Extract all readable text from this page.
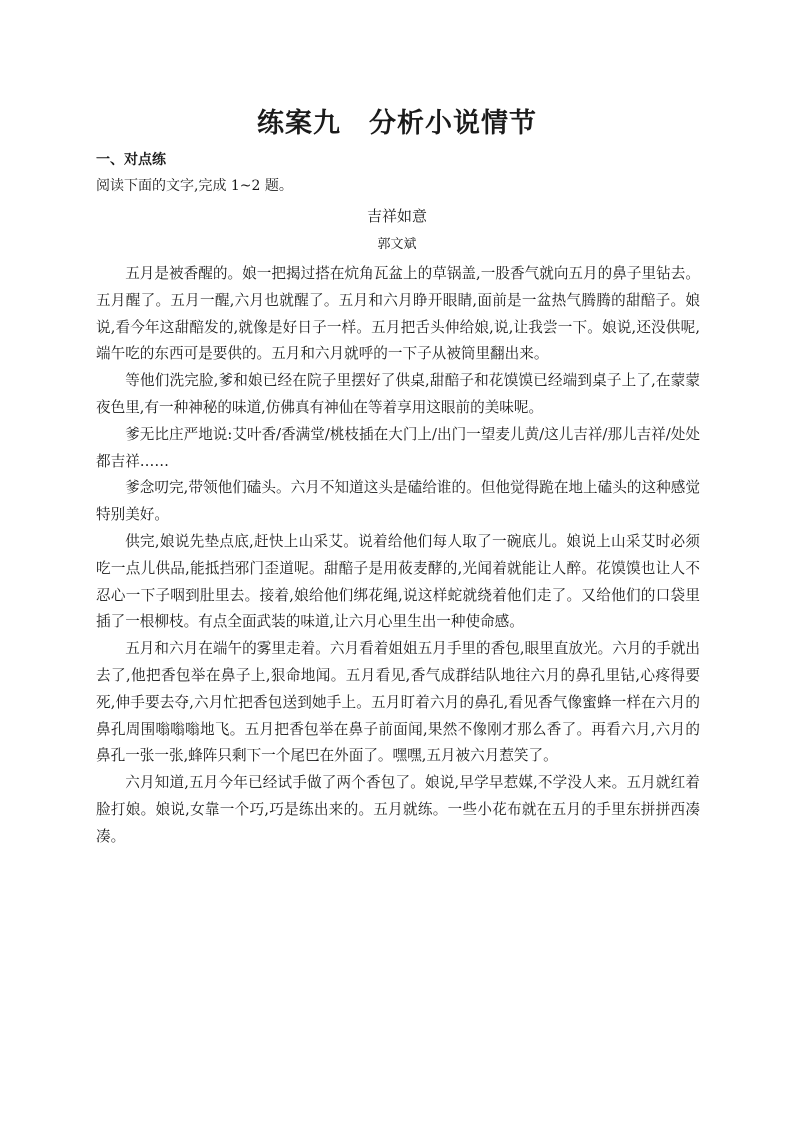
练案九　分析小说情节
一、对点练
阅读下面的文字,完成 1~2 题。
吉祥如意
郭文斌

五月是被香醒的。娘一把揭过搭在炕角瓦盆上的草锅盖,一股香气就向五月的鼻子里钻去。五月醒了。五月一醒,六月也就醒了。五月和六月睁开眼睛,面前是一盆热气腾腾的甜醅子。娘说,看今年这甜醅发的,就像是好日子一样。五月把舌头伸给娘,说,让我尝一下。娘说,还没供呢,端午吃的东西可是要供的。五月和六月就呼的一下子从被筒里翻出来。

等他们洗完脸,爹和娘已经在院子里摆好了供桌,甜醅子和花馍馍已经端到桌子上了,在蒙蒙夜色里,有一种神秘的味道,仿佛真有神仙在等着享用这眼前的美味呢。

爹无比庄严地说:艾叶香/香满堂/桃枝插在大门上/出门一望麦儿黄/这儿吉祥/那儿吉祥/处处都吉祥……

爹念叨完,带领他们磕头。六月不知道这头是磕给谁的。但他觉得跪在地上磕头的这种感觉特别美好。

供完,娘说先垫点底,赶快上山采艾。说着给他们每人取了一碗底儿。娘说上山采艾时必须吃一点儿供品,能抵挡邪门歪道呢。甜醅子是用莜麦酵的,光闻着就能让人醉。花馍馍也让人不忍心一下子咽到肚里去。接着,娘给他们绑花绳,说这样蛇就绕着他们走了。又给他们的口袋里插了一根柳枝。有点全面武装的味道,让六月心里生出一种使命感。

五月和六月在端午的雾里走着。六月看着姐姐五月手里的香包,眼里直放光。六月的手就出去了,他把香包举在鼻子上,狠命地闻。五月看见,香气成群结队地往六月的鼻孔里钻,心疼得要死,伸手要去夺,六月忙把香包送到她手上。五月盯着六月的鼻孔,看见香气像蜜蜂一样在六月的鼻孔周围嗡嗡嗡地飞。五月把香包举在鼻子前面闻,果然不像刚才那么香了。再看六月,六月的鼻孔一张一张,蜂阵只剩下一个尾巴在外面了。嘿嘿,五月被六月惹笑了。

六月知道,五月今年已经试手做了两个香包了。娘说,早学早惹媒,不学没人来。五月就红着脸打娘。娘说,女靠一个巧,巧是练出来的。五月就练。一些小花布就在五月的手里东拼拼西凑凑。
